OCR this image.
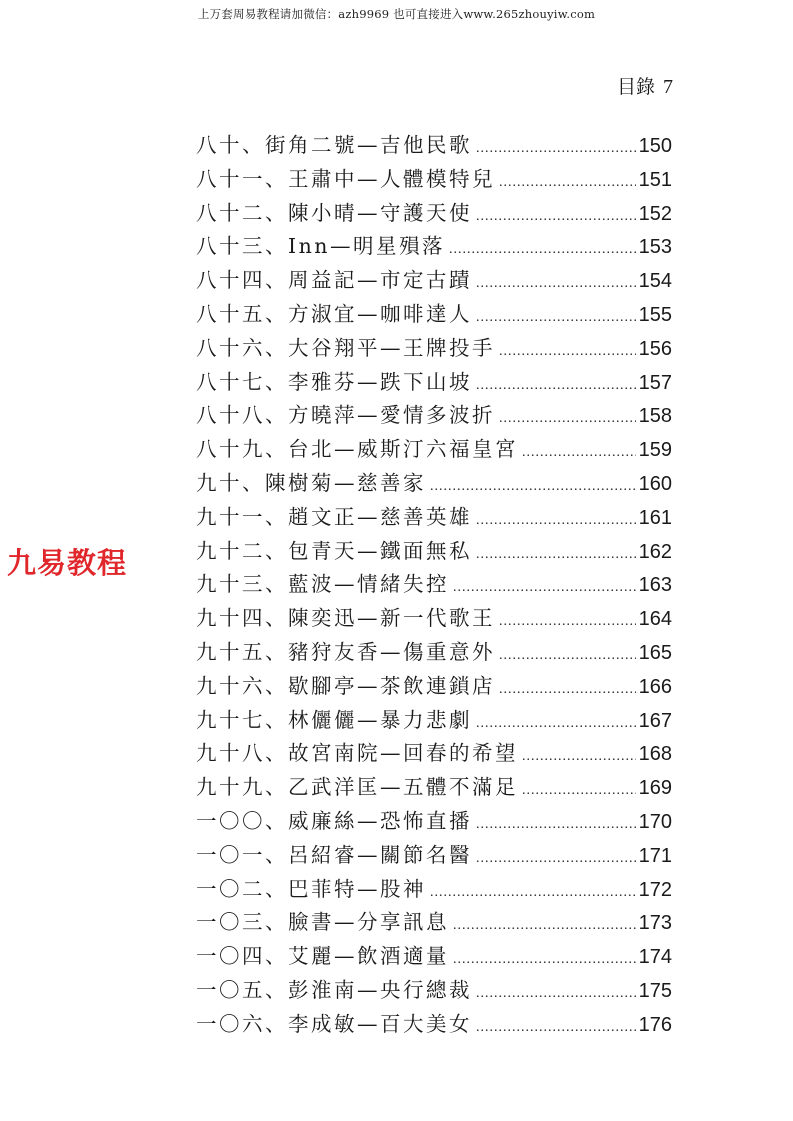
上万套周易教程请加微信：azh9969 也可直接进入www.265zhouyiw.com
目錄 7
九易教程
八十、街角二號—吉他民歌 .....	150
八十一、王肅中—人體模特兒 .....	151
八十二、陳小晴—守護天使 .....	152
八十三、Inn—明星殞落 .....	153
八十四、周益記—市定古蹟 .....	154
八十五、方淑宜—咖啡達人 .....	155
八十六、大谷翔平—王牌投手 .....	156
八十七、李雅芬—跌下山坡 .....	157
八十八、方曉萍—愛情多波折 .....	158
八十九、台北—威斯汀六福皇宮 .....	159
九十、陳樹菊—慈善家 .....	160
九十一、趙文正—慈善英雄 .....	161
九十二、包青天—鐵面無私 .....	162
九十三、藍波—情緒失控 .....	163
九十四、陳奕迅—新一代歌王 .....	164
九十五、豬狩友香—傷重意外 .....	165
九十六、歇腳亭—茶飲連鎖店 .....	166
九十七、林儷儷—暴力悲劇 .....	167
九十八、故宮南院—回春的希望 .....	168
九十九、乙武洋匡—五體不滿足 .....	169
一〇〇、威廉絲—恐怖直播 .....	170
一〇一、呂紹睿—關節名醫 .....	171
一〇二、巴菲特—股神 .....	172
一〇三、臉書—分享訊息 .....	173
一〇四、艾麗—飲酒適量 .....	174
一〇五、彭淮南—央行總裁 .....	175
一〇六、李成敏—百大美女 .....	176
